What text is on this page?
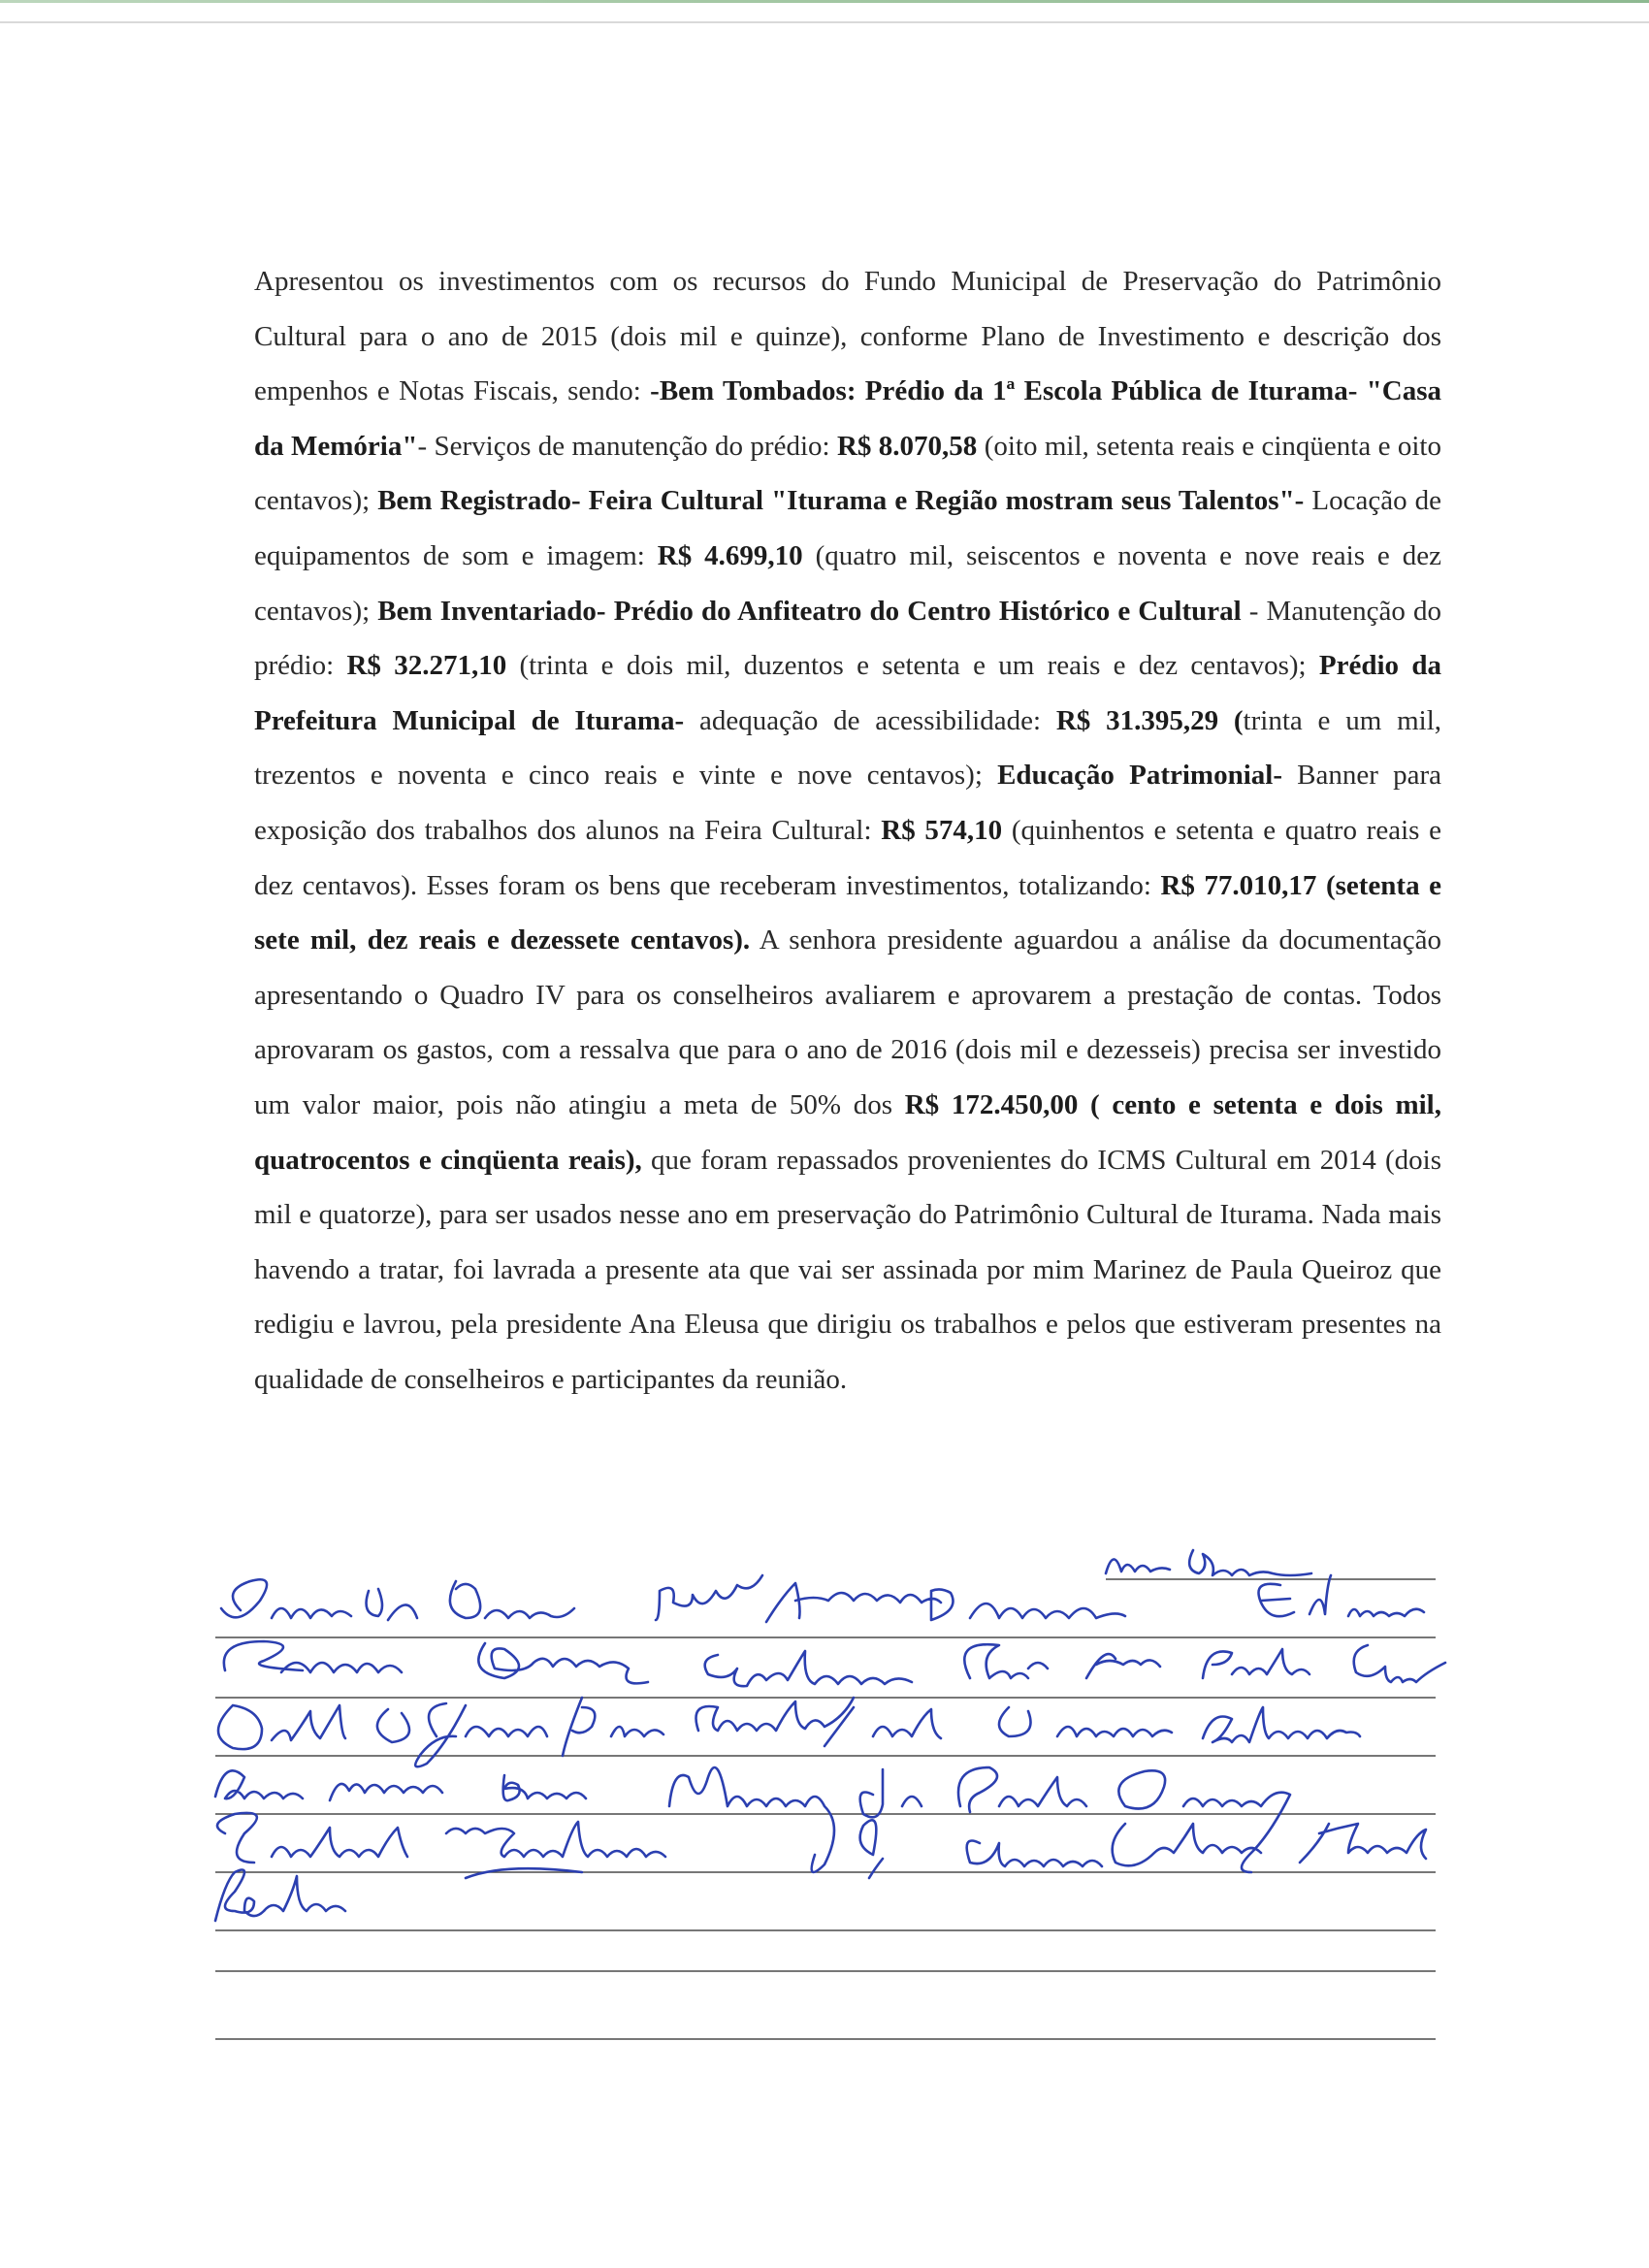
Apresentou os investimentos com os recursos do Fundo Municipal de Preservação do Patrimônio Cultural para o ano de 2015 (dois mil e quinze), conforme Plano de Investimento e descrição dos empenhos e Notas Fiscais, sendo: -Bem Tombados: Prédio da 1ª Escola Pública de Iturama- "Casa da Memória"- Serviços de manutenção do prédio: R$ 8.070,58 (oito mil, setenta reais e cinqüenta e oito centavos); Bem Registrado- Feira Cultural "Iturama e Região mostram seus Talentos"- Locação de equipamentos de som e imagem: R$ 4.699,10 (quatro mil, seiscentos e noventa e nove reais e dez centavos); Bem Inventariado- Prédio do Anfiteatro do Centro Histórico e Cultural - Manutenção do prédio: R$ 32.271,10 (trinta e dois mil, duzentos e setenta e um reais e dez centavos); Prédio da Prefeitura Municipal de Iturama- adequação de acessibilidade: R$ 31.395,29 (trinta e um mil, trezentos e noventa e cinco reais e vinte e nove centavos); Educação Patrimonial- Banner para exposição dos trabalhos dos alunos na Feira Cultural: R$ 574,10 (quinhentos e setenta e quatro reais e dez centavos). Esses foram os bens que receberam investimentos, totalizando: R$ 77.010,17 (setenta e sete mil, dez reais e dezessete centavos). A senhora presidente aguardou a análise da documentação apresentando o Quadro IV para os conselheiros avaliarem e aprovarem a prestação de contas. Todos aprovaram os gastos, com a ressalva que para o ano de 2016 (dois mil e dezesseis) precisa ser investido um valor maior, pois não atingiu a meta de 50% dos R$ 172.450,00 ( cento e setenta e dois mil, quatrocentos e cinqüenta reais), que foram repassados provenientes do ICMS Cultural em 2014 (dois mil e quatorze), para ser usados nesse ano em preservação do Patrimônio Cultural de Iturama. Nada mais havendo a tratar, foi lavrada a presente ata que vai ser assinada por mim Marinez de Paula Queiroz que redigiu e lavrou, pela presidente Ana Eleusa que dirigiu os trabalhos e pelos que estiveram presentes na qualidade de conselheiros e participantes da reunião.
